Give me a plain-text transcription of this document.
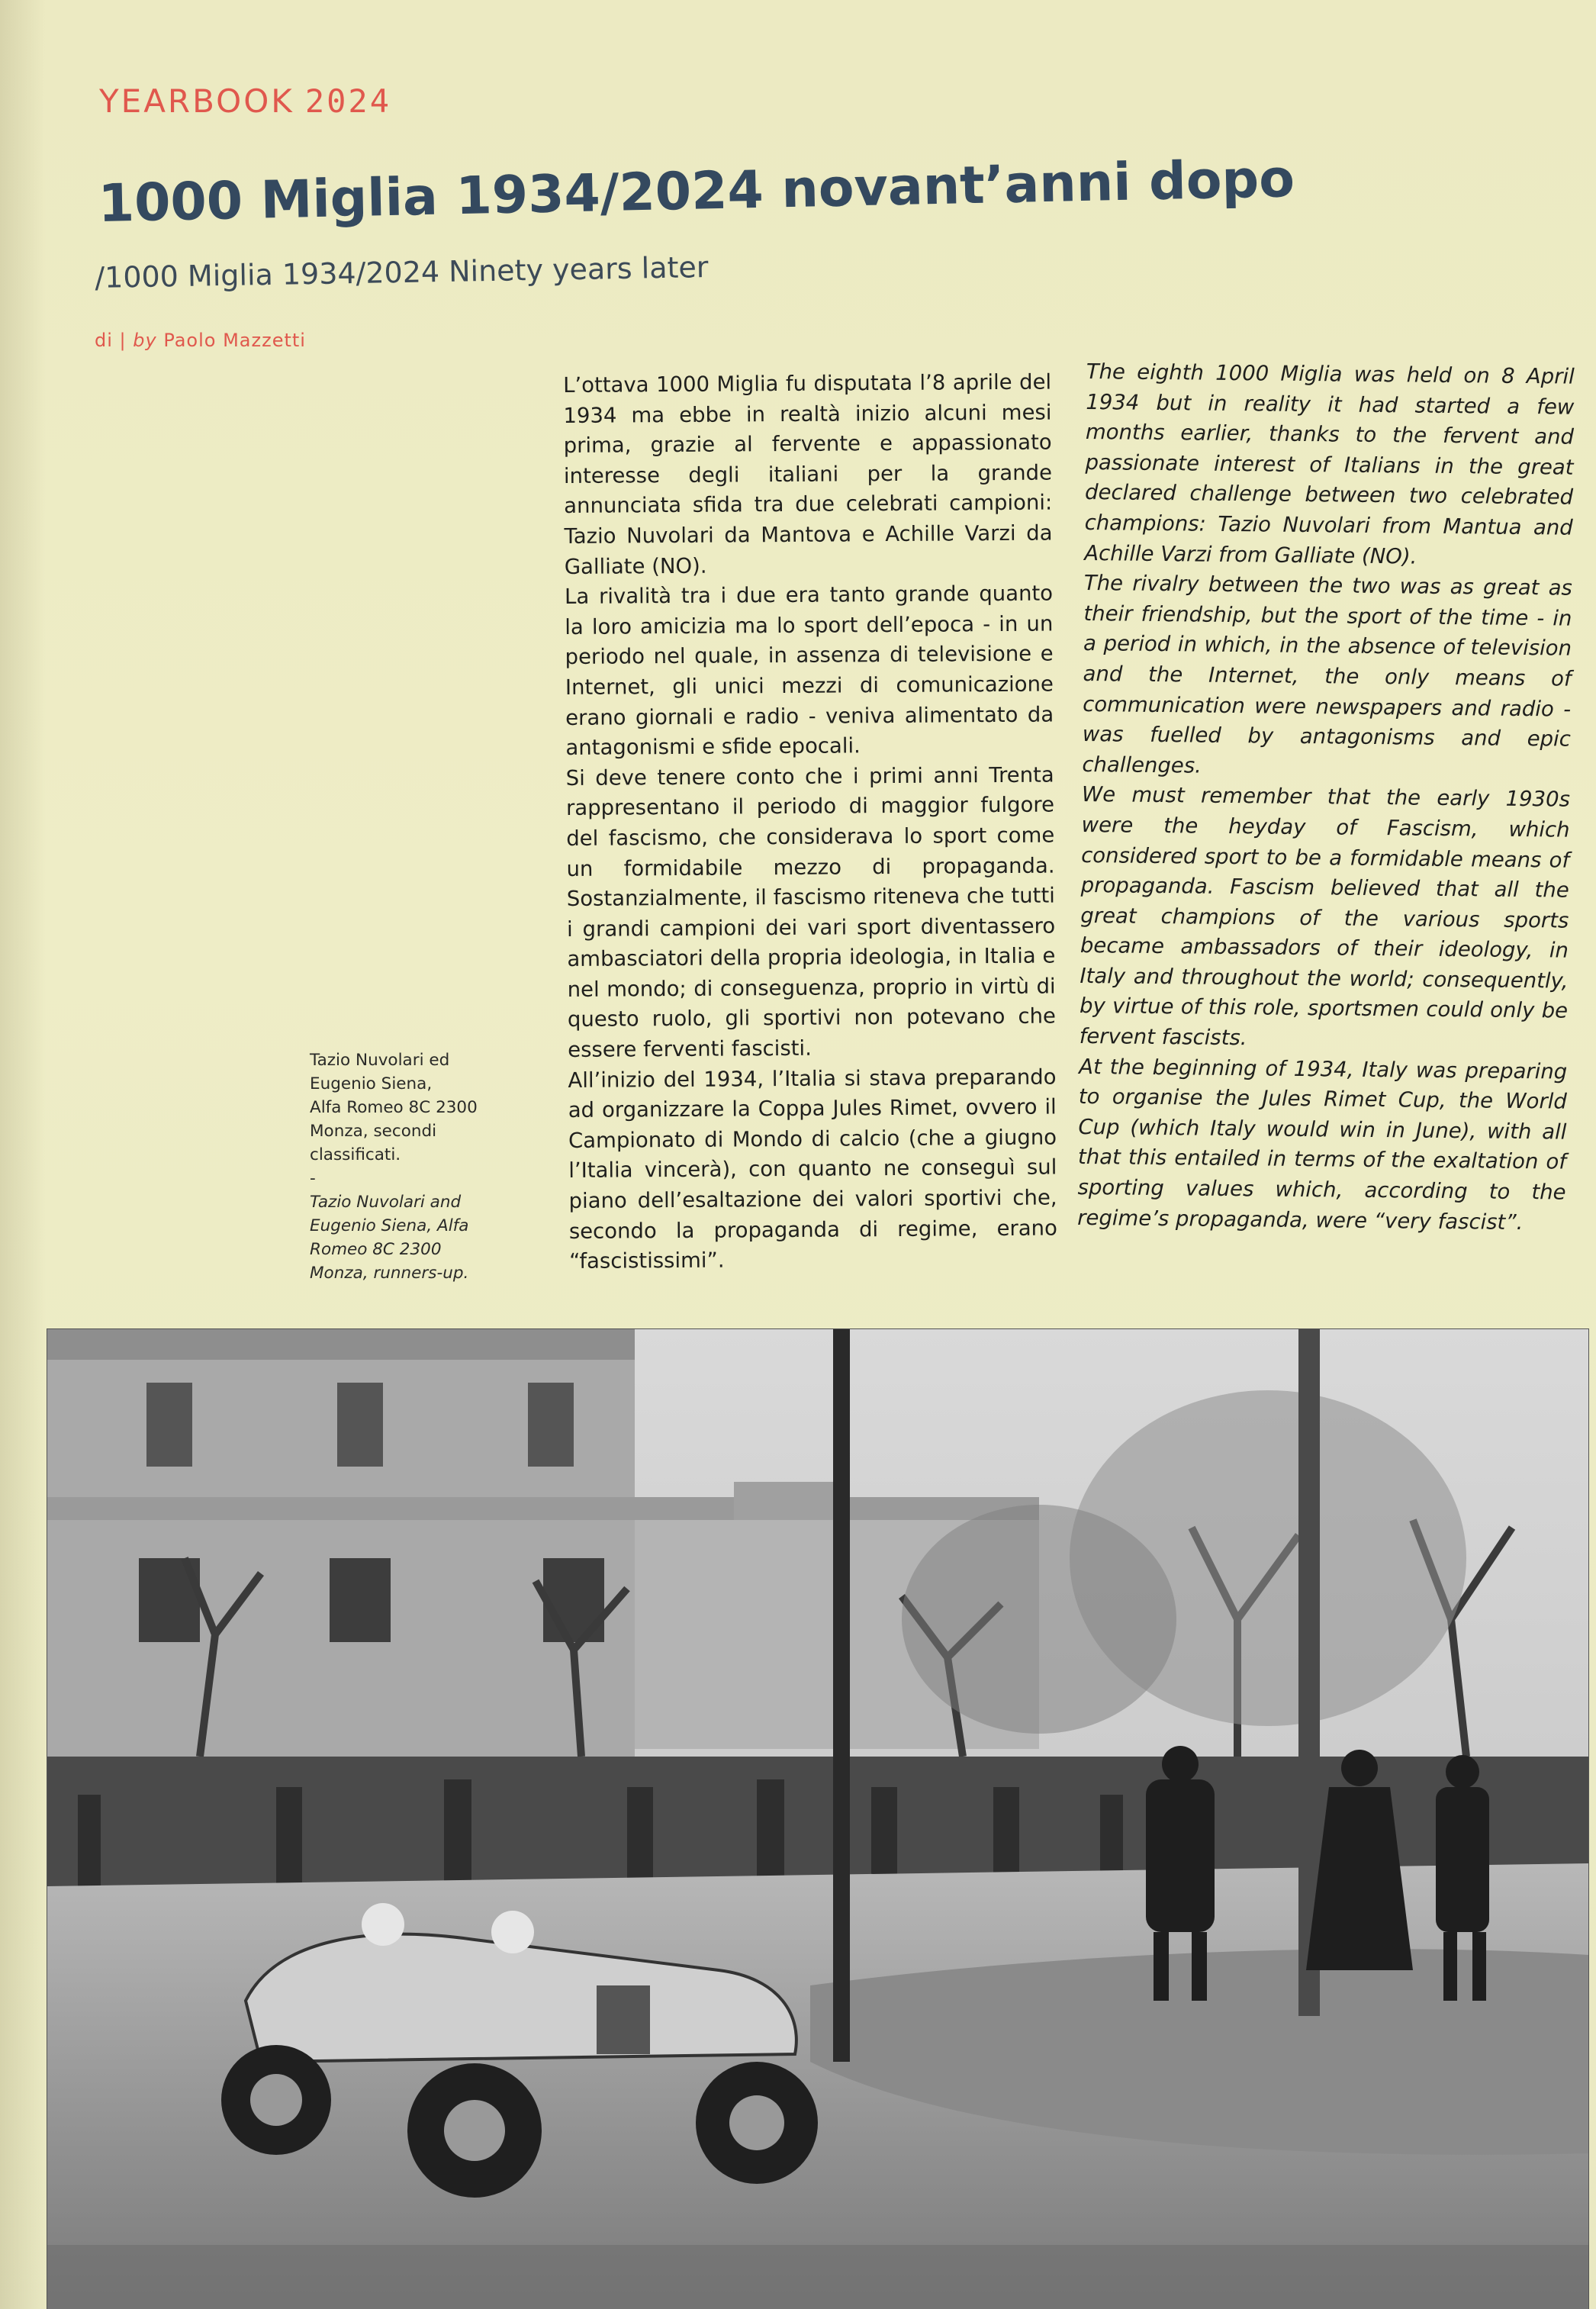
YEARBOOK 2024
1000 Miglia 1934/2024 novant’anni dopo
/1000 Miglia 1934/2024 Ninety years later
di | by Paolo Mazzetti

L’ottava 1000 Miglia fu disputata l’8 aprile del 1934 ma ebbe in realtà inizio alcuni mesi prima, grazie al fervente e appassionato interesse degli italiani per la grande annunciata sfida tra due celebrati campioni: Tazio Nuvolari da Mantova e Achille Varzi da Galliate (NO).

La rivalità tra i due era tanto grande quanto la loro amicizia ma lo sport dell’epoca - in un periodo nel quale, in assenza di televisione e Internet, gli unici mezzi di comunicazione erano giornali e radio - veniva alimentato da antagonismi e sfide epocali.

Si deve tenere conto che i primi anni Trenta rappresentano il periodo di maggior fulgore del fascismo, che considerava lo sport come un formidabile mezzo di propaganda. Sostanzialmente, il fascismo riteneva che tutti i grandi campioni dei vari sport diventassero ambasciatori della propria ideologia, in Italia e nel mondo; di conseguenza, proprio in virtù di questo ruolo, gli sportivi non potevano che essere ferventi fascisti.

All’inizio del 1934, l’Italia si stava preparando ad organizzare la Coppa Jules Rimet, ovvero il Campionato di Mondo di calcio (che a giugno l’Italia vincerà), con quanto ne conseguì sul piano dell’esaltazione dei valori sportivi che, secondo la propaganda di regime, erano “fascistissimi”.

The eighth 1000 Miglia was held on 8 April 1934 but in reality it had started a few months earlier, thanks to the fervent and passionate interest of Italians in the great declared challenge between two celebrated champions: Tazio Nuvolari from Mantua and Achille Varzi from Galliate (NO).

The rivalry between the two was as great as their friendship, but the sport of the time - in a period in which, in the absence of television and the Internet, the only means of communication were newspapers and radio - was fuelled by antagonisms and epic challenges.

We must remember that the early 1930s were the heyday of Fascism, which considered sport to be a formidable means of propaganda. Fascism believed that all the great champions of the various sports became ambassadors of their ideology, in Italy and throughout the world; consequently, by virtue of this role, sportsmen could only be fervent fascists.

At the beginning of 1934, Italy was preparing to organise the Jules Rimet Cup, the World Cup (which Italy would win in June), with all that this entailed in terms of the exaltation of sporting values which, according to the regime’s propaganda, were “very fascist”.

Tazio Nuvolari ed
Eugenio Siena,
Alfa Romeo 8C 2300
Monza, secondi
classificati.
-
Tazio Nuvolari and
Eugenio Siena, Alfa
Romeo 8C 2300
Monza, runners-up.
